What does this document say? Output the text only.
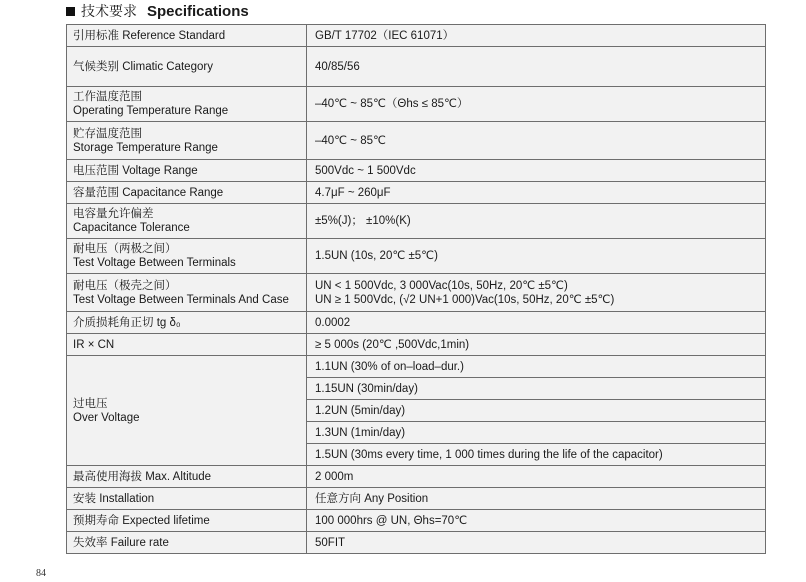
技术要求 Specifications
引用标准 Reference Standard	GB/T 17702（IEC 61071）
气候类别 Climatic Category	40/85/56

工作温度范围
Operating Temperature Range	–40℃ ~ 85℃（Θhs ≤ 85℃）

贮存温度范围
Storage Temperature Range	–40℃ ~ 85℃
电压范围 Voltage Range	500Vdc ~ 1 500Vdc
容量范围 Capacitance Range	4.7μF ~ 260μF

电容量允许偏差
Capacitance Tolerance	±5%(J)； ±10%(K)

耐电压（两极之间）
Test Voltage Between Terminals	1.5UN (10s, 20℃ ±5℃)

耐电压（极壳之间）
Test Voltage Between Terminals And Case	UN < 1 500Vdc, 3 000Vac(10s, 50Hz, 20℃ ±5℃)
UN ≥ 1 500Vdc, (√2 UN+1 000)Vac(10s, 50Hz, 20℃ ±5℃)

介质损耗角正切 tg δ₀	0.0002
IR × CN	≥ 5 000s (20℃ ,500Vdc,1min)

过电压
Over Voltage	1.1UN (30% of on–load–dur.)
	1.15UN (30min/day)
	1.2UN (5min/day)
	1.3UN (1min/day)
	1.5UN (30ms every time, 1 000 times during the life of the capacitor)
最高使用海拔 Max. Altitude	2 000m
安装 Installation	任意方向 Any Position
预期寿命 Expected lifetime	100 000hrs @ UN, Θhs=70℃
失效率 Failure rate	50FIT
84
